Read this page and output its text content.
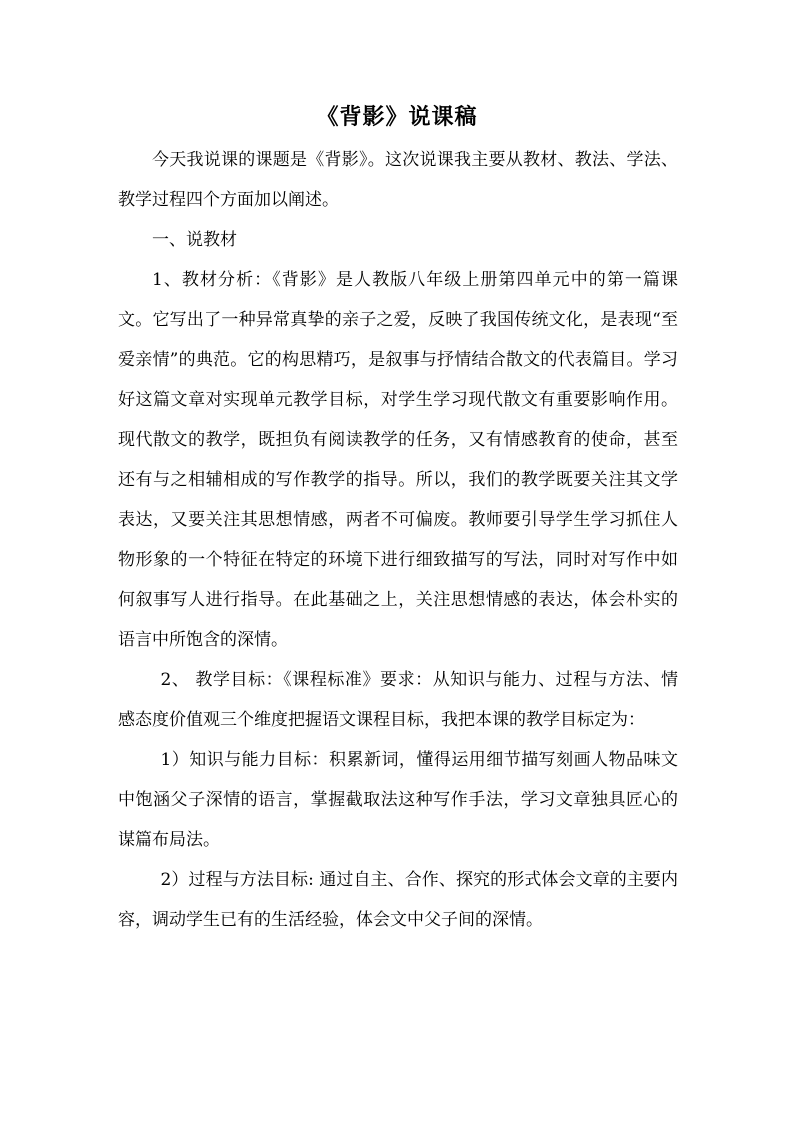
《背影》说课稿

今天我说课的课题是《背影》。这次说课我主要从教材、教法、学法、教学过程四个方面加以阐述。

一、说教材

1、教材分析：《背影》是人教版八年级上册第四单元中的第一篇课文。它写出了一种异常真挚的亲子之爱，反映了我国传统文化，是表现“至爱亲情”的典范。它的构思精巧，是叙事与抒情结合散文的代表篇目。学习好这篇文章对实现单元教学目标，对学生学习现代散文有重要影响作用。现代散文的教学，既担负有阅读教学的任务，又有情感教育的使命，甚至还有与之相辅相成的写作教学的指导。所以，我们的教学既要关注其文学表达，又要关注其思想情感，两者不可偏废。教师要引导学生学习抓住人物形象的一个特征在特定的环境下进行细致描写的写法，同时对写作中如何叙事写人进行指导。在此基础之上，关注思想情感的表达，体会朴实的语言中所饱含的深情。

2、 教学目标：《课程标准》要求：从知识与能力、过程与方法、情感态度价值观三个维度把握语文课程目标，我把本课的教学目标定为：

1）知识与能力目标：积累新词，懂得运用细节描写刻画人物品味文中饱涵父子深情的语言，掌握截取法这种写作手法，学习文章独具匠心的谋篇布局法。

2）过程与方法目标: 通过自主、合作、探究的形式体会文章的主要内容，调动学生已有的生活经验，体会文中父子间的深情。
